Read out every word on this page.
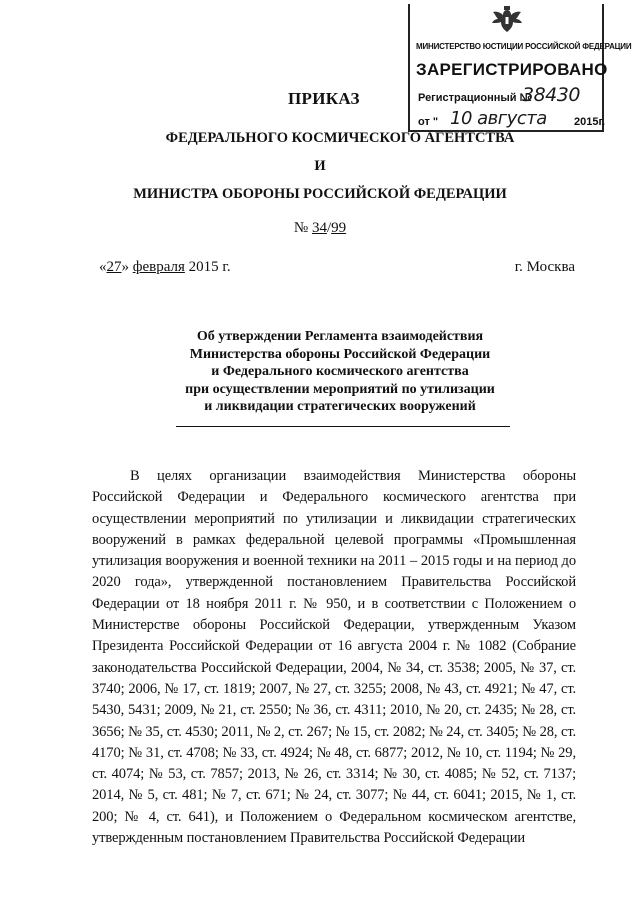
МИНИСТЕРСТВО ЮСТИЦИИ РОССИЙСКОЙ ФЕДЕРАЦИИ
ЗАРЕГИСТРИРОВАНО
Регистрационный №
38430
от " 10 августа 2015г.
ПРИКАЗ
ФЕДЕРАЛЬНОГО КОСМИЧЕСКОГО АГЕНТСТВА
И
МИНИСТРА ОБОРОНЫ РОССИЙСКОЙ ФЕДЕРАЦИИ
№ 34/99
«27» февраля 2015 г.	г. Москва
Об утверждении Регламента взаимодействия
Министерства обороны Российской Федерации
и Федерального космического агентства
при осуществлении мероприятий по утилизации
и ликвидации стратегических вооружений
В целях организации взаимодействия Министерства обороны Российской Федерации и Федерального космического агентства при осуществлении мероприятий по утилизации и ликвидации стратегических вооружений в рамках федеральной целевой программы «Промышленная утилизация вооружения и военной техники на 2011 – 2015 годы и на период до 2020 года», утвержденной постановлением Правительства Российской Федерации от 18 ноября 2011 г. № 950, и в соответствии с Положением о Министерстве обороны Российской Федерации, утвержденным Указом Президента Российской Федерации от 16 августа 2004 г. № 1082 (Собрание законодательства Российской Федерации, 2004, № 34, ст. 3538; 2005, № 37, ст. 3740; 2006, № 17, ст. 1819; 2007, № 27, ст. 3255; 2008, № 43, ст. 4921; № 47, ст. 5430, 5431; 2009, № 21, ст. 2550; № 36, ст. 4311; 2010, № 20, ст. 2435; № 28, ст. 3656; № 35, ст. 4530; 2011, № 2, ст. 267; № 15, ст. 2082; № 24, ст. 3405; № 28, ст. 4170; № 31, ст. 4708; № 33, ст. 4924; № 48, ст. 6877; 2012, № 10, ст. 1194; № 29, ст. 4074; № 53, ст. 7857; 2013, № 26, ст. 3314; № 30, ст. 4085; № 52, ст. 7137; 2014, № 5, ст. 481; № 7, ст. 671; № 24, ст. 3077; № 44, ст. 6041; 2015, № 1, ст. 200; № 4, ст. 641), и Положением о Федеральном космическом агентстве, утвержденным постановлением Правительства Российской Федерации
